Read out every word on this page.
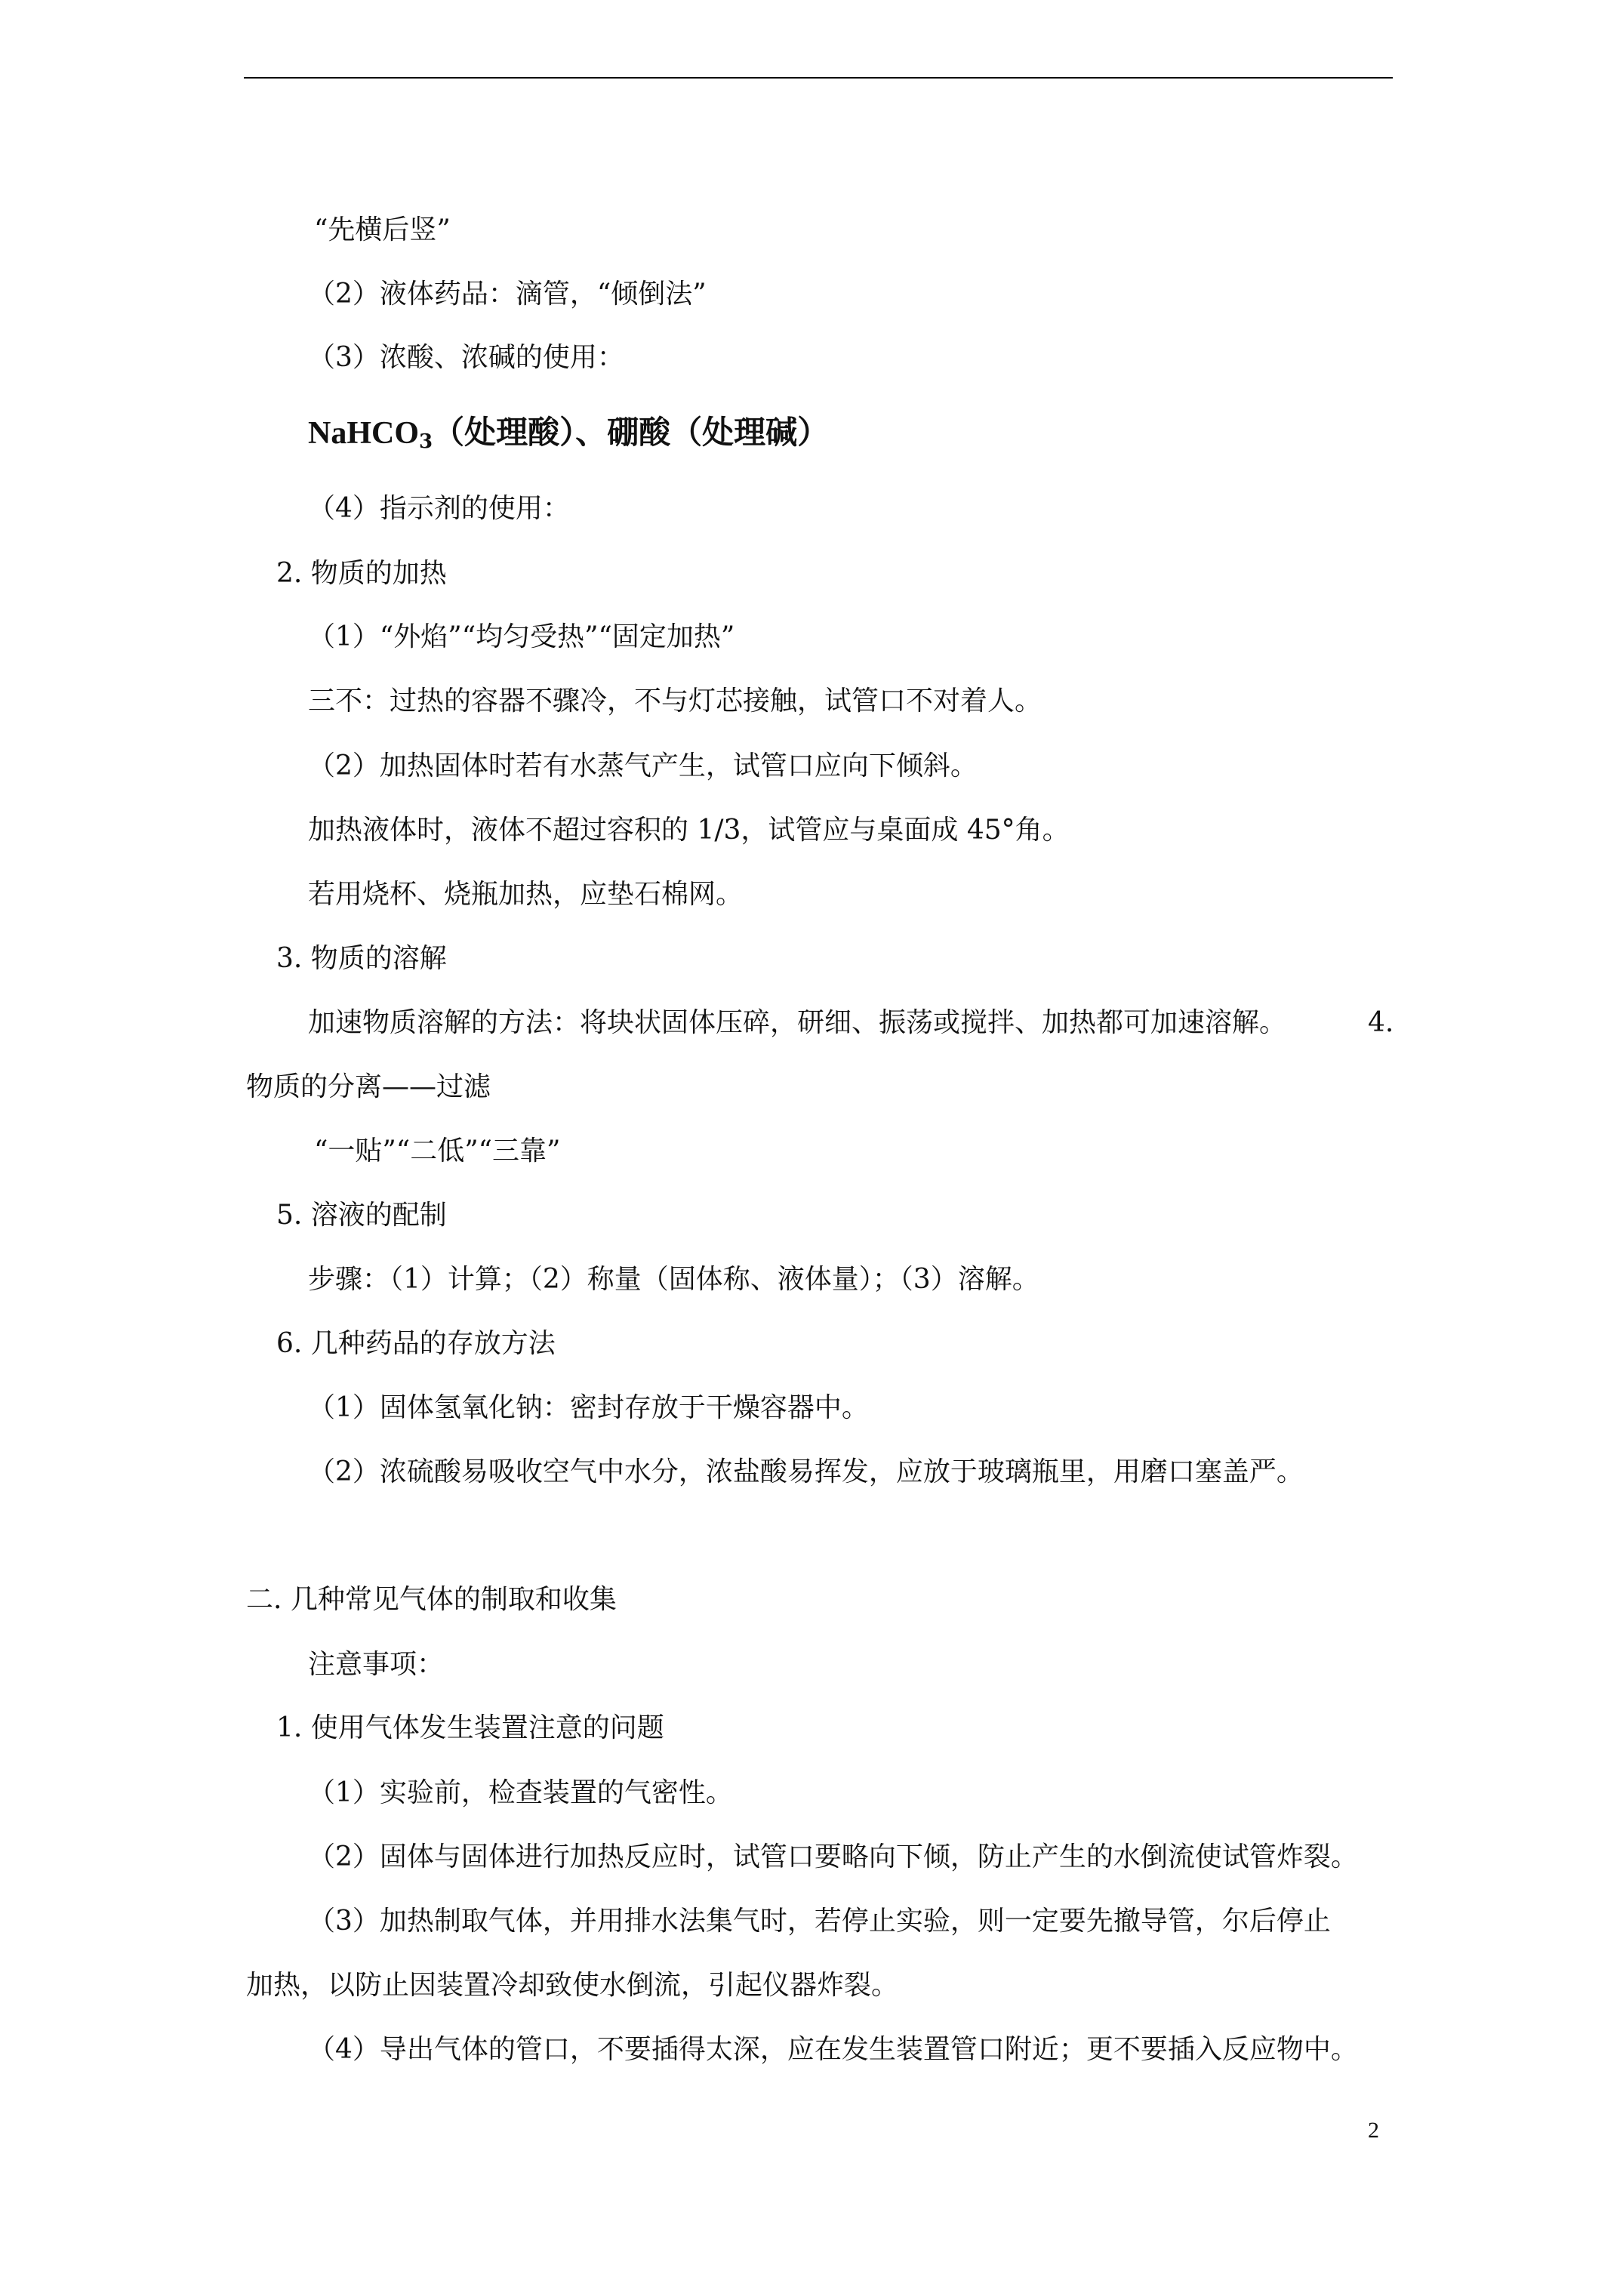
“先横后竖”
（2）液体药品：滴管，“倾倒法”
（3）浓酸、浓碱的使用：
NaHCO$_3$（处理酸）、硼酸（处理碱）
（4）指示剂的使用：
2. 物质的加热
（1）“外焰”“均匀受热”“固定加热”
三不：过热的容器不骤冷，不与灯芯接触，试管口不对着人。
（2）加热固体时若有水蒸气产生，试管口应向下倾斜。
加热液体时，液体不超过容积的 1/3，试管应与桌面成 45°角。
若用烧杯、烧瓶加热，应垫石棉网。
3. 物质的溶解
加速物质溶解的方法：将块状固体压碎，研细、振荡或搅拌、加热都可加速溶解。	4.
物质的分离——过滤
“一贴”“二低”“三靠”
5. 溶液的配制
步骤：（1）计算；（2）称量（固体称、液体量）；（3）溶解。
6. 几种药品的存放方法
（1）固体氢氧化钠：密封存放于干燥容器中。
（2）浓硫酸易吸收空气中水分，浓盐酸易挥发，应放于玻璃瓶里，用磨口塞盖严。
二. 几种常见气体的制取和收集
注意事项：
1. 使用气体发生装置注意的问题
（1）实验前，检查装置的气密性。
（2）固体与固体进行加热反应时，试管口要略向下倾，防止产生的水倒流使试管炸裂。
（3）加热制取气体，并用排水法集气时，若停止实验，则一定要先撤导管，尔后停止
加热，以防止因装置冷却致使水倒流，引起仪器炸裂。
（4）导出气体的管口，不要插得太深，应在发生装置管口附近；更不要插入反应物中。
2
